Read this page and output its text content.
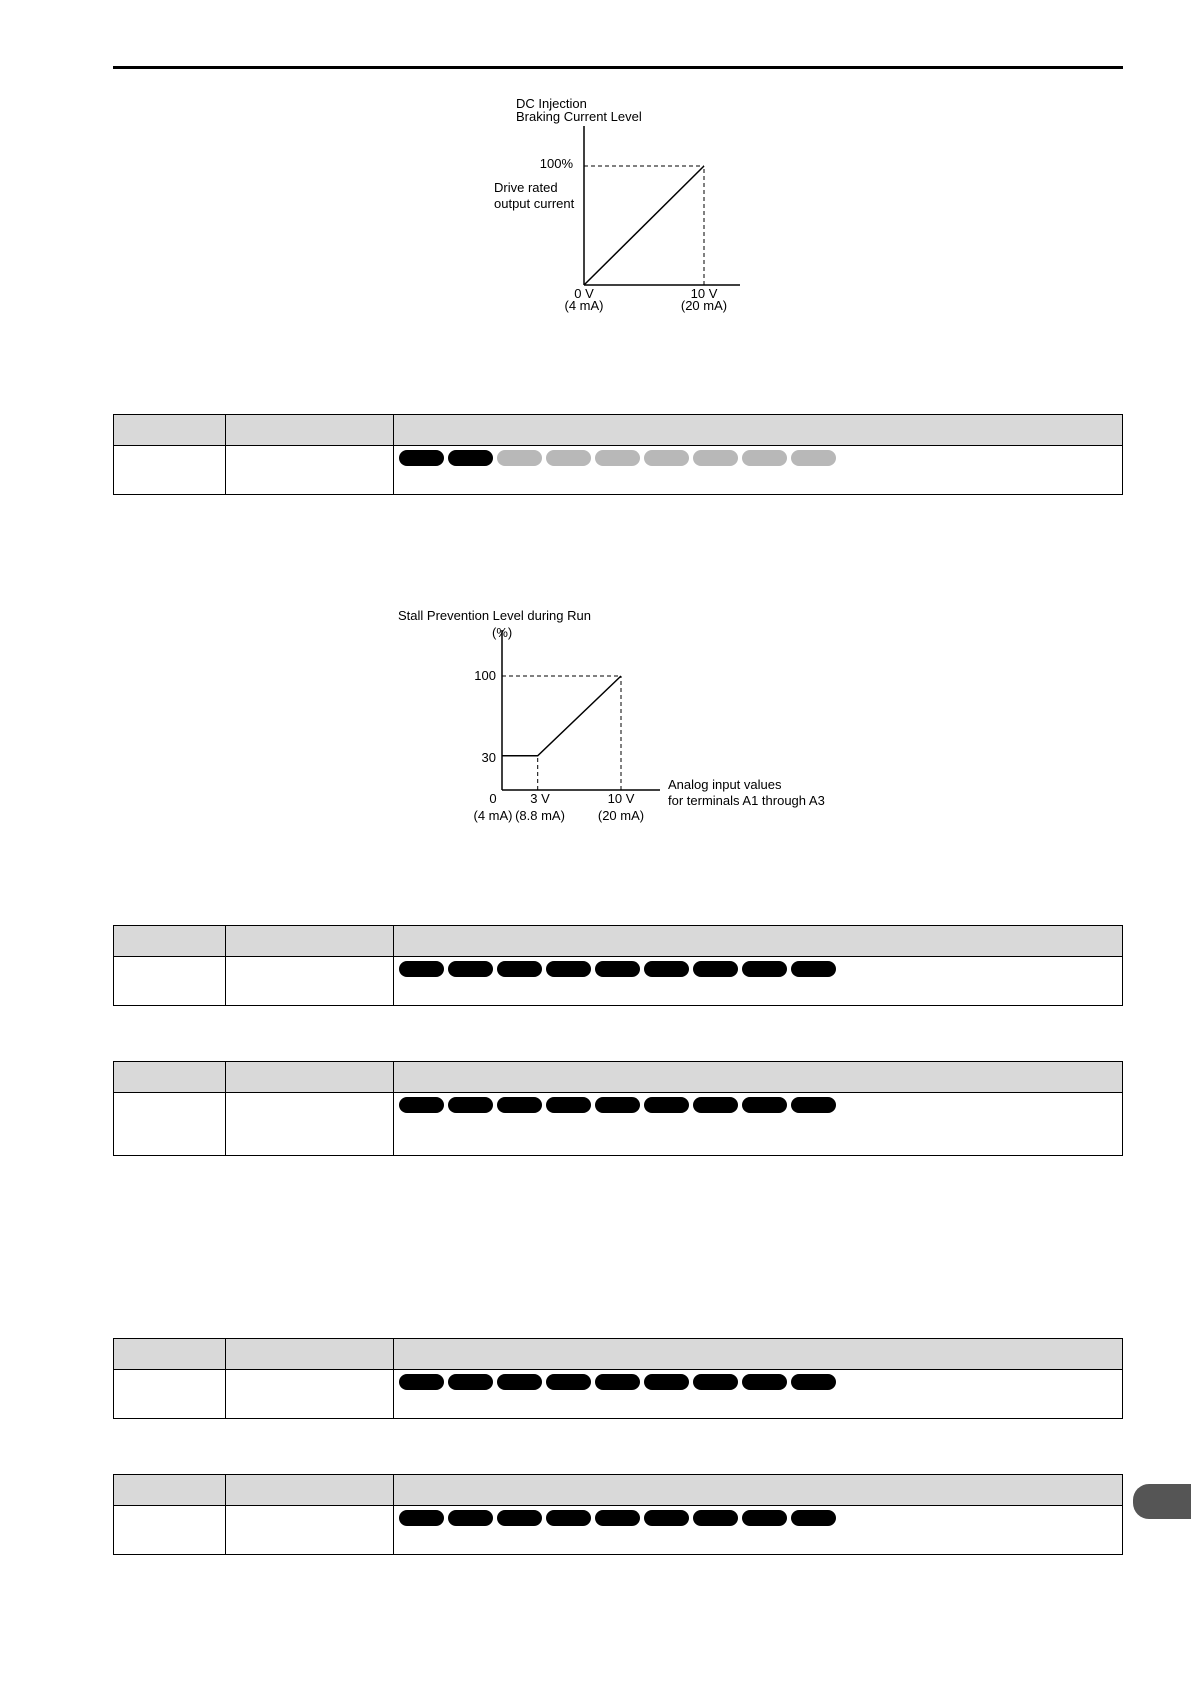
DC Injection
Braking Current Level
100%
Drive rated
output current
0 V
(4 mA)
10 V
(20 mA)
Stall Prevention Level during Run
(%)
100
30
0
(4 mA)
3 V
(8.8 mA)
10 V
(20 mA)
Analog input values
for terminals A1 through A3
